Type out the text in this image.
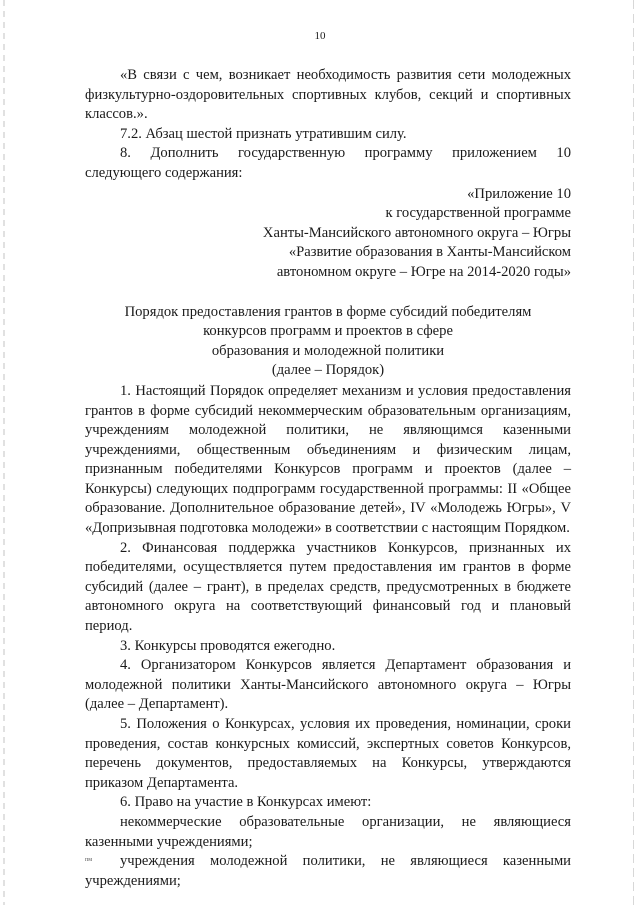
10

«В связи с чем, возникает необходимость развития сети молодежных физкультурно-оздоровительных спортивных клубов, секций и спортивных классов.».

7.2. Абзац шестой признать утратившим силу.

8. Дополнить государственную программу приложением 10 следующего содержания:

«Приложение 10
к государственной программе
Ханты-Мансийского автономного округа – Югры
«Развитие образования в Ханты-Мансийском
автономном округе – Югре на 2014-2020 годы»
Порядок предоставления грантов в форме субсидий победителям
конкурсов программ и проектов в сфере
образования и молодежной политики
(далее – Порядок)

1. Настоящий Порядок определяет механизм и условия предоставления грантов в форме субсидий некоммерческим образовательным организациям, учреждениям молодежной политики, не являющимся казенными учреждениями, общественным объединениям и физическим лицам, признанным победителями Конкурсов программ и проектов (далее – Конкурсы) следующих подпрограмм государственной программы: II «Общее образование. Дополнительное образование детей», IV «Молодежь Югры», V «Допризывная подготовка молодежи» в соответствии с настоящим Порядком.

2. Финансовая поддержка участников Конкурсов, признанных их победителями, осуществляется путем предоставления им грантов в форме субсидий (далее – грант), в пределах средств, предусмотренных в бюджете автономного округа на соответствующий финансовый год и плановый период.

3. Конкурсы проводятся ежегодно.

4. Организатором Конкурсов является Департамент образования и молодежной политики Ханты-Мансийского автономного округа – Югры (далее – Департамент).

5. Положения о Конкурсах, условия их проведения, номинации, сроки проведения, состав конкурсных комиссий, экспертных советов Конкурсов, перечень документов, предоставляемых на Конкурсы, утверждаются приказом Департамента.

6. Право на участие в Конкурсах имеют:

некоммерческие образовательные организации, не являющиеся казенными учреждениями;

учреждения молодежной политики, не являющиеся казенными учреждениями;

пм
